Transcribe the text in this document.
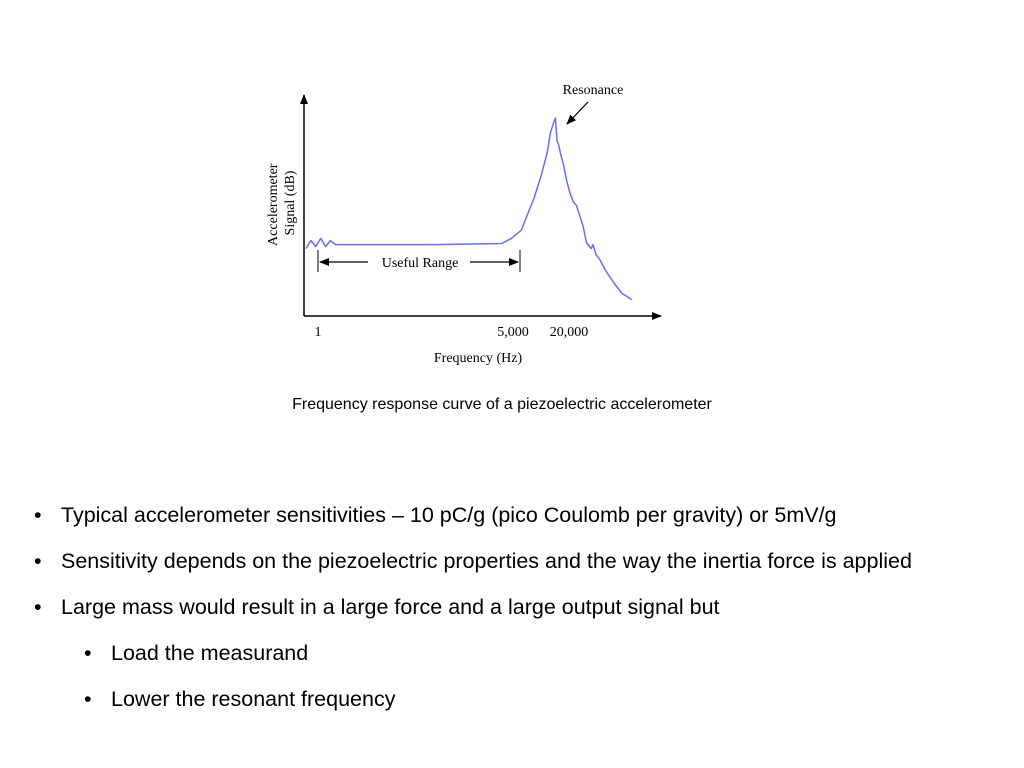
Accelerometer Signal (dB)
1	5,000 20,000
Frequency (Hz)
Useful Range
Resonance
Frequency response curve of a piezoelectric accelerometer
• Typical accelerometer sensitivities – 10 pC/g (pico Coulomb per gravity) or 5mV/g
• Sensitivity depends on the piezoelectric properties and the way the inertia force is applied
• Large mass would result in a large force and a large output signal but
• Load the measurand
• Lower the resonant frequency
